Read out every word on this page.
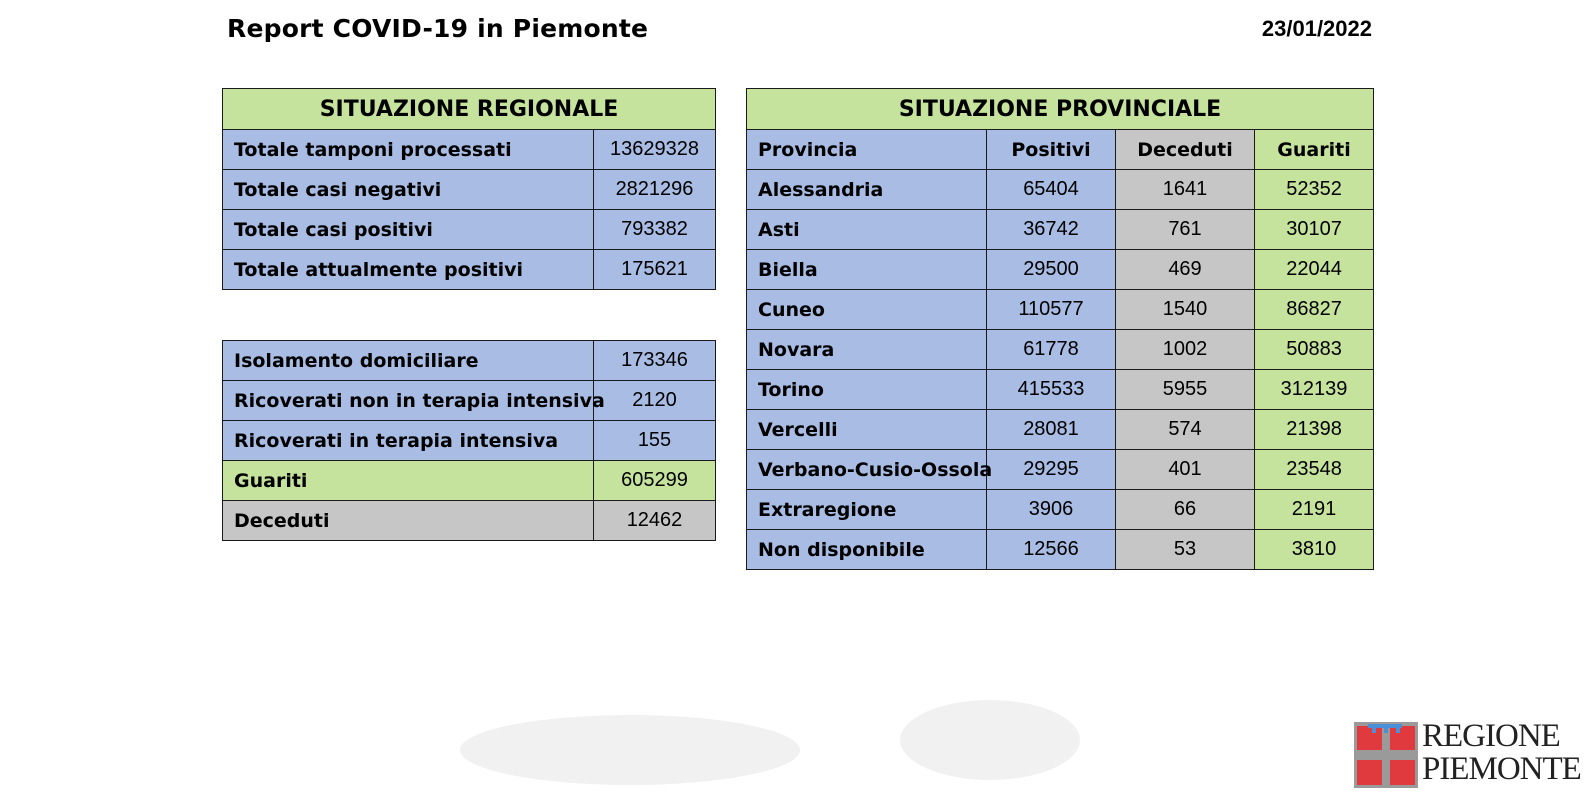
Report COVID-19 in Piemonte	23/01/2022
SITUAZIONE REGIONALE	
Totale tamponi processati	13629328
Totale casi negativi	2821296
Totale casi positivi	793382
Totale attualmente positivi	175621
Isolamento domiciliare	173346
Ricoverati non in terapia intensiva	2120
Ricoverati in terapia intensiva	155
Guariti	605299
Deceduti	12462
SITUAZIONE PROVINCIALE			
Provincia	Positivi	Deceduti	Guariti
Alessandria	65404	1641	52352
Asti	36742	761	30107
Biella	29500	469	22044
Cuneo	110577	1540	86827
Novara	61778	1002	50883
Torino	415533	5955	312139
Vercelli	28081	574	21398
Verbano-Cusio-Ossola	29295	401	23548
Extraregione	3906	66	2191
Non disponibile	12566	53	3810
REGIONE
PIEMONTE
